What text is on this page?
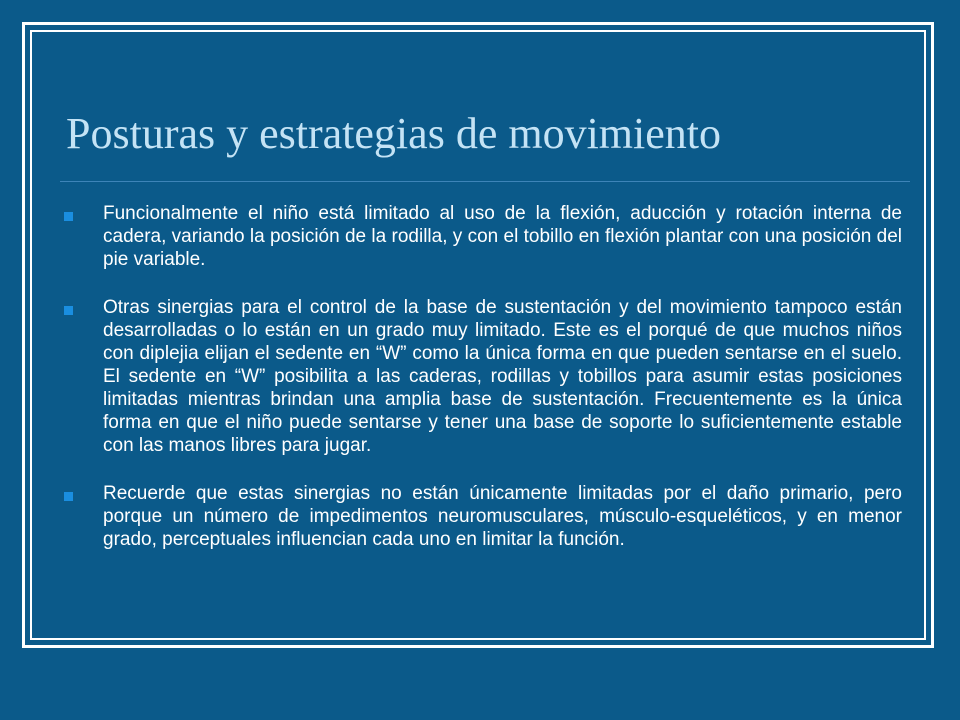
Posturas y estrategias de movimiento
Funcionalmente el niño está limitado al uso de la flexión, aducción y rotación interna de cadera, variando la posición de la rodilla, y con el tobillo en flexión plantar con una posición del pie variable.
Otras sinergias para el control de la base de sustentación y del movimiento tampoco están desarrolladas o lo están en un grado muy limitado. Este es el porqué de que muchos niños con diplejia elijan el sedente en “W” como la única forma en que pueden sentarse en el suelo. El sedente en “W” posibilita a las caderas, rodillas y tobillos para asumir estas posiciones limitadas mientras brindan una amplia base de sustentación. Frecuentemente es la única forma en que el niño puede sentarse y tener una base de soporte lo suficientemente estable con las manos libres para jugar.
Recuerde que estas sinergias no están únicamente limitadas por el daño primario, pero porque un número de impedimentos neuromusculares, músculo-esqueléticos, y en menor grado, perceptuales influencian cada uno en limitar la función.
